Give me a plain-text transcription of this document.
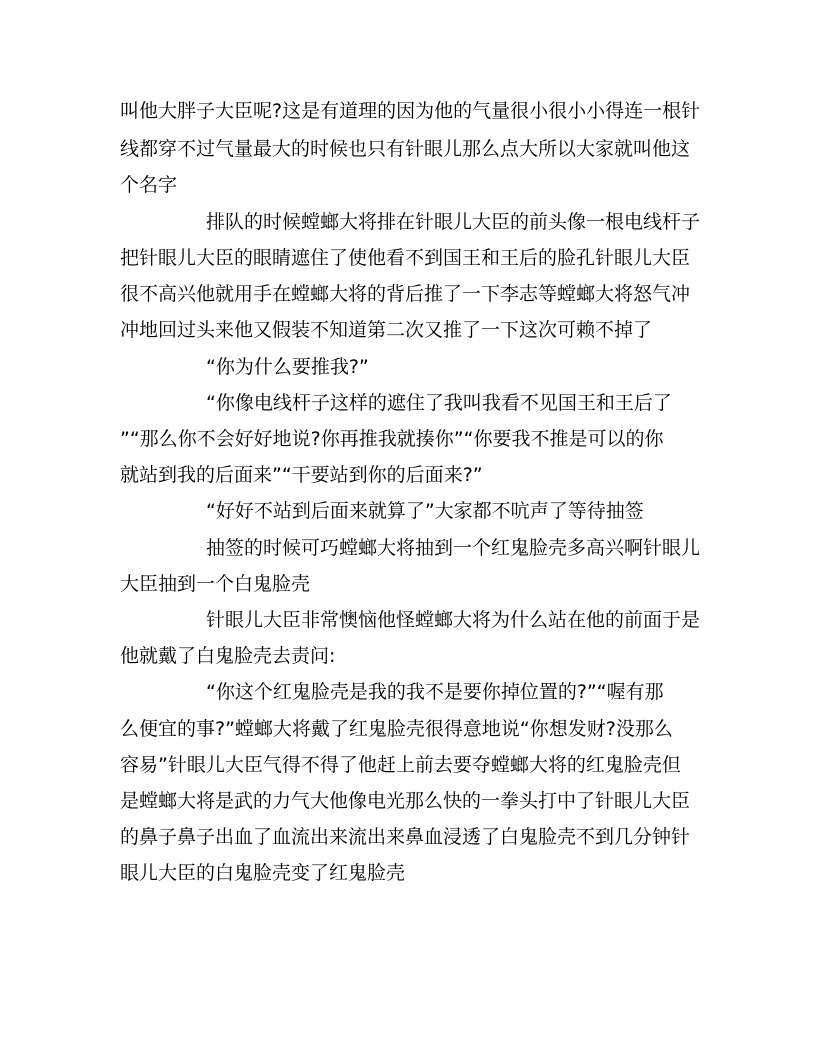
叫他大胖子大臣呢?这是有道理的因为他的气量很小很小小得连一根针
线都穿不过气量最大的时候也只有针眼儿那么点大所以大家就叫他这
个名字
排队的时候螳螂大将排在针眼儿大臣的前头像一根电线杆子
把针眼儿大臣的眼睛遮住了使他看不到国王和王后的脸孔针眼儿大臣
很不高兴他就用手在螳螂大将的背后推了一下李志等螳螂大将怒气冲
冲地回过头来他又假装不知道第二次又推了一下这次可赖不掉了
“你为什么要推我?”
“你像电线杆子这样的遮住了我叫我看不见国王和王后了
”“那么你不会好好地说?你再推我就揍你”“你要我不推是可以的你
就站到我的后面来”“干要站到你的后面来?”
“好好不站到后面来就算了”大家都不吭声了等待抽签
抽签的时候可巧螳螂大将抽到一个红鬼脸壳多高兴啊针眼儿
大臣抽到一个白鬼脸壳
针眼儿大臣非常懊恼他怪螳螂大将为什么站在他的前面于是
他就戴了白鬼脸壳去责问:
“你这个红鬼脸壳是我的我不是要你掉位置的?”“喔有那
么便宜的事?”螳螂大将戴了红鬼脸壳很得意地说“你想发财?没那么
容易”针眼儿大臣气得不得了他赶上前去要夺螳螂大将的红鬼脸壳但
是螳螂大将是武的力气大他像电光那么快的一拳头打中了针眼儿大臣
的鼻子鼻子出血了血流出来流出来鼻血浸透了白鬼脸壳不到几分钟针
眼儿大臣的白鬼脸壳变了红鬼脸壳
